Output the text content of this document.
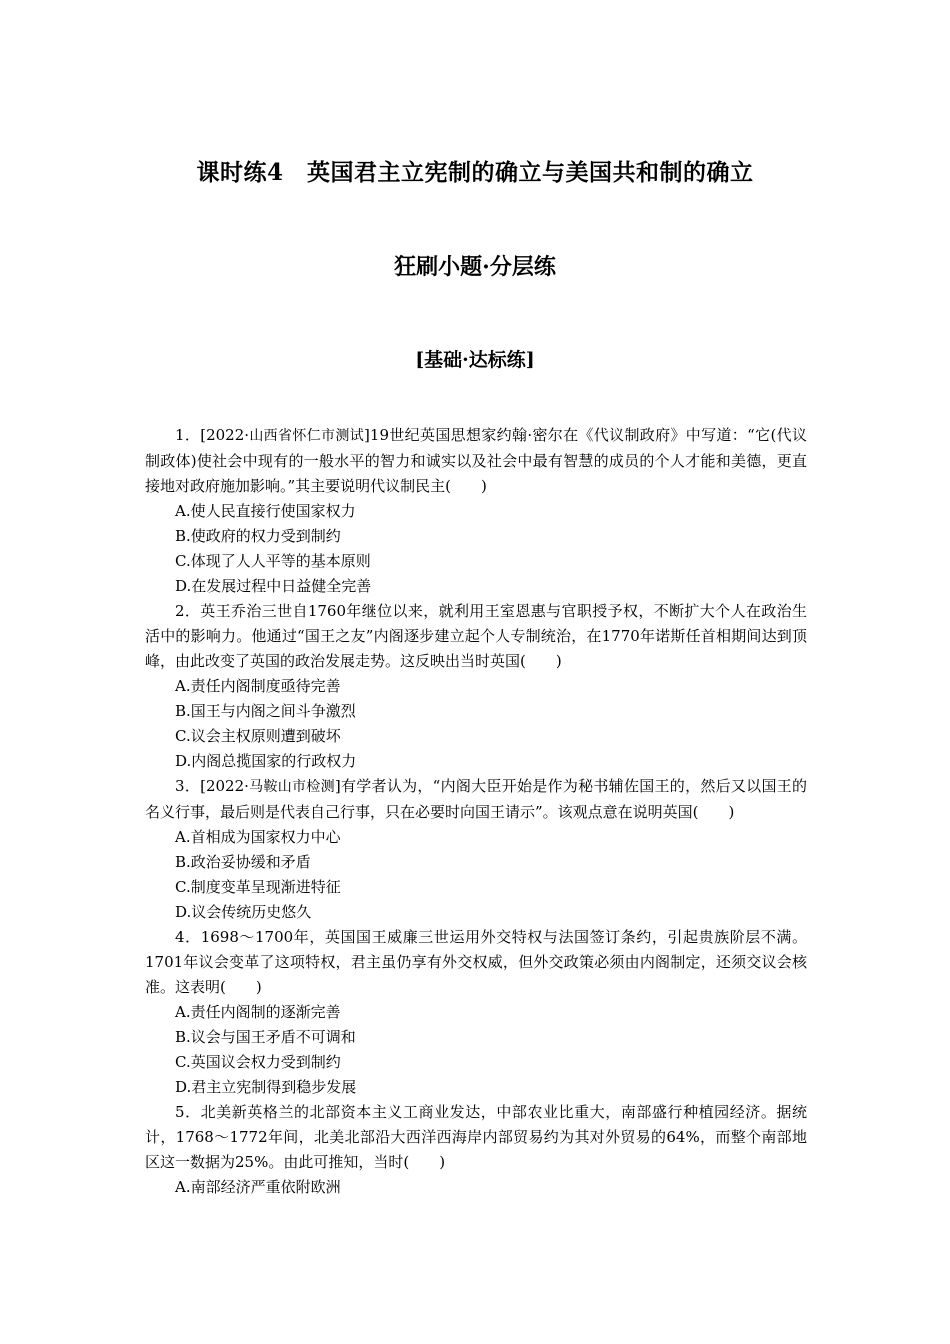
课时练4　英国君主立宪制的确立与美国共和制的确立
狂刷小题·分层练
[基础·达标练]

1．[2022·山西省怀仁市测试]19世纪英国思想家约翰·密尔在《代议制政府》中写道：“它(代议制政体)使社会中现有的一般水平的智力和诚实以及社会中最有智慧的成员的个人才能和美德，更直接地对政府施加影响。”其主要说明代议制民主(　　)

A.使人民直接行使国家权力

B.使政府的权力受到制约

C.体现了人人平等的基本原则

D.在发展过程中日益健全完善

2．英王乔治三世自1760年继位以来，就利用王室恩惠与官职授予权，不断扩大个人在政治生活中的影响力。他通过“国王之友”内阁逐步建立起个人专制统治，在1770年诺斯任首相期间达到顶峰，由此改变了英国的政治发展走势。这反映出当时英国(　　)

A.责任内阁制度亟待完善

B.国王与内阁之间斗争激烈

C.议会主权原则遭到破坏

D.内阁总揽国家的行政权力

3．[2022·马鞍山市检测]有学者认为，“内阁大臣开始是作为秘书辅佐国王的，然后又以国王的名义行事，最后则是代表自己行事，只在必要时向国王请示”。该观点意在说明英国(　　)

A.首相成为国家权力中心

B.政治妥协缓和矛盾

C.制度变革呈现渐进特征

D.议会传统历史悠久

4．1698～1700年，英国国王威廉三世运用外交特权与法国签订条约，引起贵族阶层不满。1701年议会变革了这项特权，君主虽仍享有外交权威，但外交政策必须由内阁制定，还须交议会核准。这表明(　　)

A.责任内阁制的逐渐完善

B.议会与国王矛盾不可调和

C.英国议会权力受到制约

D.君主立宪制得到稳步发展

5．北美新英格兰的北部资本主义工商业发达，中部农业比重大，南部盛行种植园经济。据统计，1768～1772年间，北美北部沿大西洋西海岸内部贸易约为其对外贸易的64%，而整个南部地区这一数据为25%。由此可推知，当时(　　)

A.南部经济严重依附欧洲
